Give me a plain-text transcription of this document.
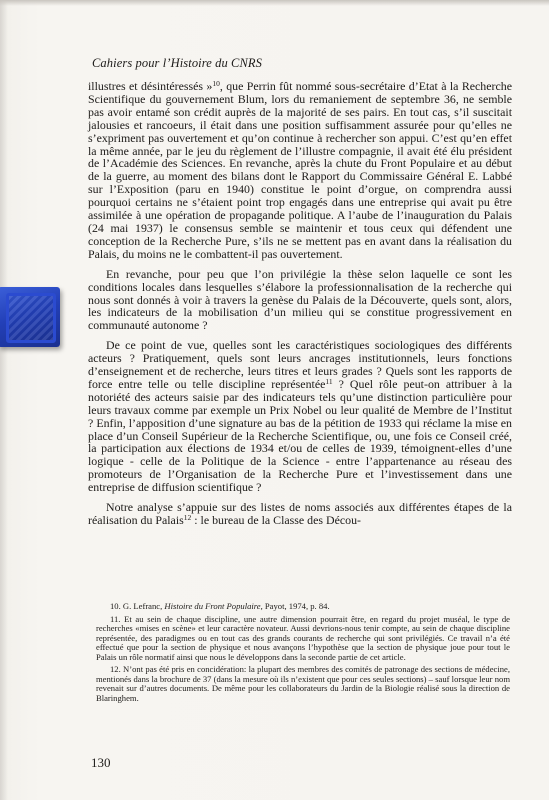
Cahiers pour l’Histoire du CNRS

illustres et désintéressés »$^{10}$, que Perrin fût nommé sous-secrétaire d’Etat à la Recherche Scientifique du gouvernement Blum, lors du remaniement de septembre 36, ne semble pas avoir entamé son crédit auprès de la majorité de ses pairs. En tout cas, s’il suscitait jalousies et rancoeurs, il était dans une position suffisamment assurée pour qu’elles ne s’expriment pas ouvertement et qu’on continue à rechercher son appui. C’est qu’en effet la même année, par le jeu du règlement de l’illustre compagnie, il avait été élu président de l’Académie des Sciences. En revanche, après la chute du Front Populaire et au début de la guerre, au moment des bilans dont le Rapport du Commissaire Général E. Labbé sur l’Exposition (paru en 1940) constitue le point d’orgue, on comprendra aussi pourquoi certains ne s’étaient point trop engagés dans une entreprise qui avait pu être assimilée à une opération de propagande politique. A l’aube de l’inauguration du Palais (24 mai 1937) le consensus semble se maintenir et tous ceux qui défendent une conception de la Recherche Pure, s’ils ne se mettent pas en avant dans la réalisation du Palais, du moins ne le combattent-il pas ouvertement.

En revanche, pour peu que l’on privilégie la thèse selon laquelle ce sont les conditions locales dans lesquelles s’élabore la professionnalisation de la recherche qui nous sont donnés à voir à travers la genèse du Palais de la Découverte, quels sont, alors, les indicateurs de la mobilisation d’un milieu qui se constitue progressivement en communauté autonome ?

De ce point de vue, quelles sont les caractéristiques sociologiques des différents acteurs ? Pratiquement, quels sont leurs ancrages institutionnels, leurs fonctions d’enseignement et de recherche, leurs titres et leurs grades ? Quels sont les rapports de force entre telle ou telle discipline représentée$^{11}$ ? Quel rôle peut-on attribuer à la notoriété des acteurs saisie par des indicateurs tels qu’une distinction particulière pour leurs travaux comme par exemple un Prix Nobel ou leur qualité de Membre de l’Institut ? Enfin, l’apposition d’une signature au bas de la pétition de 1933 qui réclame la mise en place d’un Conseil Supérieur de la Recherche Scientifique, ou, une fois ce Conseil créé, la participation aux élections de 1934 et/ou de celles de 1939, témoignent-elles d’une logique - celle de la Politique de la Science - entre l’appartenance au réseau des promoteurs de l’Organisation de la Recherche Pure et l’investissement dans une entreprise de diffusion scientifique ?

Notre analyse s’appuie sur des listes de noms associés aux différentes étapes de la réalisation du Palais$^{12}$ : le bureau de la Classe des Décou-

10. G. Lefranc, Histoire du Front Populaire, Payot, 1974, p. 84.

11. Et au sein de chaque discipline, une autre dimension pourrait être, en regard du projet muséal, le type de recherches «mises en scène» et leur caractère novateur. Aussi devrions-nous tenir compte, au sein de chaque discipline représentée, des paradigmes ou en tout cas des grands courants de recherche qui sont privilégiés. Ce travail n’a été effectué que pour la section de physique et nous avançons l’hypothèse que la section de physique joue pour tout le Palais un rôle normatif ainsi que nous le développons dans la seconde partie de cet article.

12. N’ont pas été pris en concidération: la plupart des membres des comités de patronage des sections de médecine, mentionés dans la brochure de 37 (dans la mesure où ils n’existent que pour ces seules sections) – sauf lorsque leur nom revenait sur d’autres documents. De même pour les collaborateurs du Jardin de la Biologie réalisé sous la direction de Blaringhem.

130
